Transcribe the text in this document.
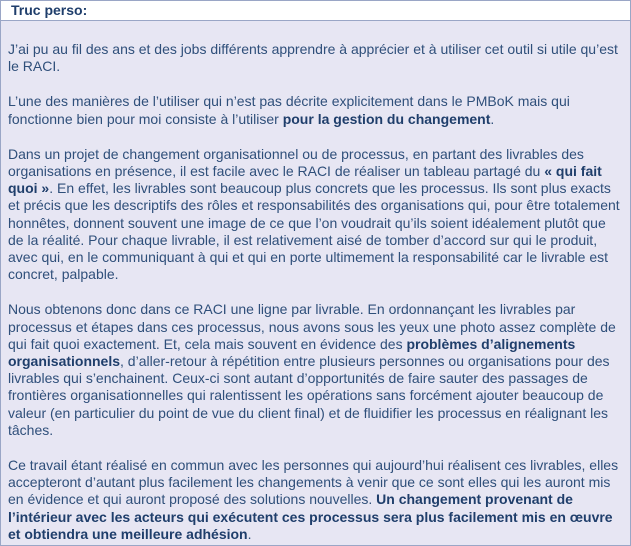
Truc perso:

J’ai pu au fil des ans et des jobs différents apprendre à apprécier et à utiliser cet outil si utile qu’est le RACI.

L’une des manières de l’utiliser qui n’est pas décrite explicitement dans le PMBoK mais qui fonctionne bien pour moi consiste à l’utiliser pour la gestion du changement.

Dans un projet de changement organisationnel ou de processus, en partant des livrables des organisations en présence, il est facile avec le RACI de réaliser un tableau partagé du « qui fait quoi ». En effet, les livrables sont beaucoup plus concrets que les processus. Ils sont plus exacts et précis que les descriptifs des rôles et responsabilités des organisations qui, pour être totalement honnêtes, donnent souvent une image de ce que l’on voudrait qu’ils soient idéalement plutôt que de la réalité. Pour chaque livrable, il est relativement aisé de tomber d’accord sur qui le produit, avec qui, en le communiquant à qui et qui en porte ultimement la responsabilité car le livrable est concret, palpable.

Nous obtenons donc dans ce RACI une ligne par livrable. En ordonnançant les livrables par processus et étapes dans ces processus, nous avons sous les yeux une photo assez complète de qui fait quoi exactement. Et, cela mais souvent en évidence des problèmes d’alignements organisationnels, d’aller-retour à répétition entre plusieurs personnes ou organisations pour des livrables qui s’enchainent. Ceux-ci sont autant d’opportunités de faire sauter des passages de frontières organisationnelles qui ralentissent les opérations sans forcément ajouter beaucoup de valeur (en particulier du point de vue du client final) et de fluidifier les processus en réalignant les tâches.

Ce travail étant réalisé en commun avec les personnes qui aujourd’hui réalisent ces livrables, elles accepteront d’autant plus facilement les changements à venir que ce sont elles qui les auront mis en évidence et qui auront proposé des solutions nouvelles. Un changement provenant de l’intérieur avec les acteurs qui exécutent ces processus sera plus facilement mis en œuvre et obtiendra une meilleure adhésion.
